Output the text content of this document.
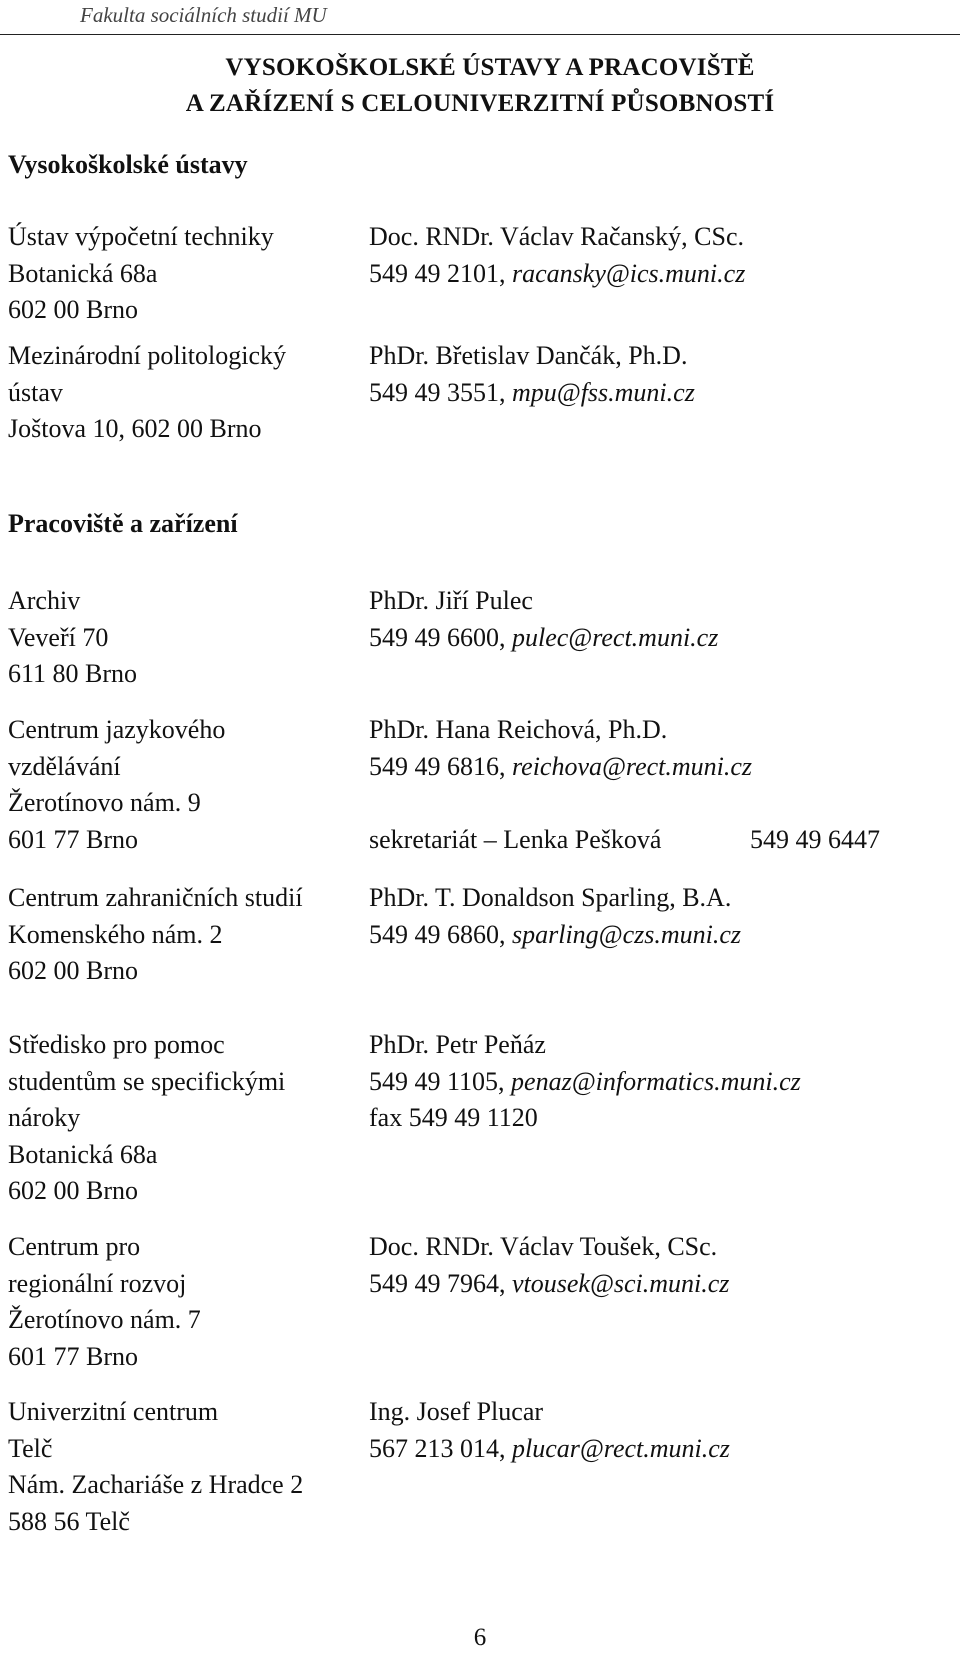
Fakulta sociálních studií MU
VYSOKOŠKOLSKÉ ÚSTAVY A PRACOVIŠTĚ
A ZAŘÍZENÍ S CELOUNIVERZITNÍ PŮSOBNOSTÍ
Vysokoškolské ústavy
Ústav výpočetní techniky
Botanická 68a
602 00 Brno
Doc. RNDr. Václav Račanský, CSc.
549 49 2101, racansky@ics.muni.cz
Mezinárodní politologický
ústav
Joštova 10, 602 00 Brno
PhDr. Břetislav Dančák, Ph.D.
549 49 3551, mpu@fss.muni.cz
Pracoviště a zařízení
Archiv
Veveří 70
611 80 Brno
PhDr. Jiří Pulec
549 49 6600, pulec@rect.muni.cz
Centrum jazykového
vzdělávání
Žerotínovo nám. 9
601 77 Brno
PhDr. Hana Reichová, Ph.D.
549 49 6816, reichova@rect.muni.cz
sekretariát – Lenka Pešková	549 49 6447
Centrum zahraničních studií
Komenského nám. 2
602 00 Brno
PhDr. T. Donaldson Sparling, B.A.
549 49 6860, sparling@czs.muni.cz
Středisko pro pomoc
studentům se specifickými
nároky
Botanická 68a
602 00 Brno
PhDr. Petr Peňáz
549 49 1105, penaz@informatics.muni.cz
fax 549 49 1120
Centrum pro
regionální rozvoj
Žerotínovo nám. 7
601 77 Brno
Doc. RNDr. Václav Toušek, CSc.
549 49 7964, vtousek@sci.muni.cz
Univerzitní centrum
Telč
Nám. Zachariáše z Hradce 2
588 56 Telč
Ing. Josef Plucar
567 213 014, plucar@rect.muni.cz
6
